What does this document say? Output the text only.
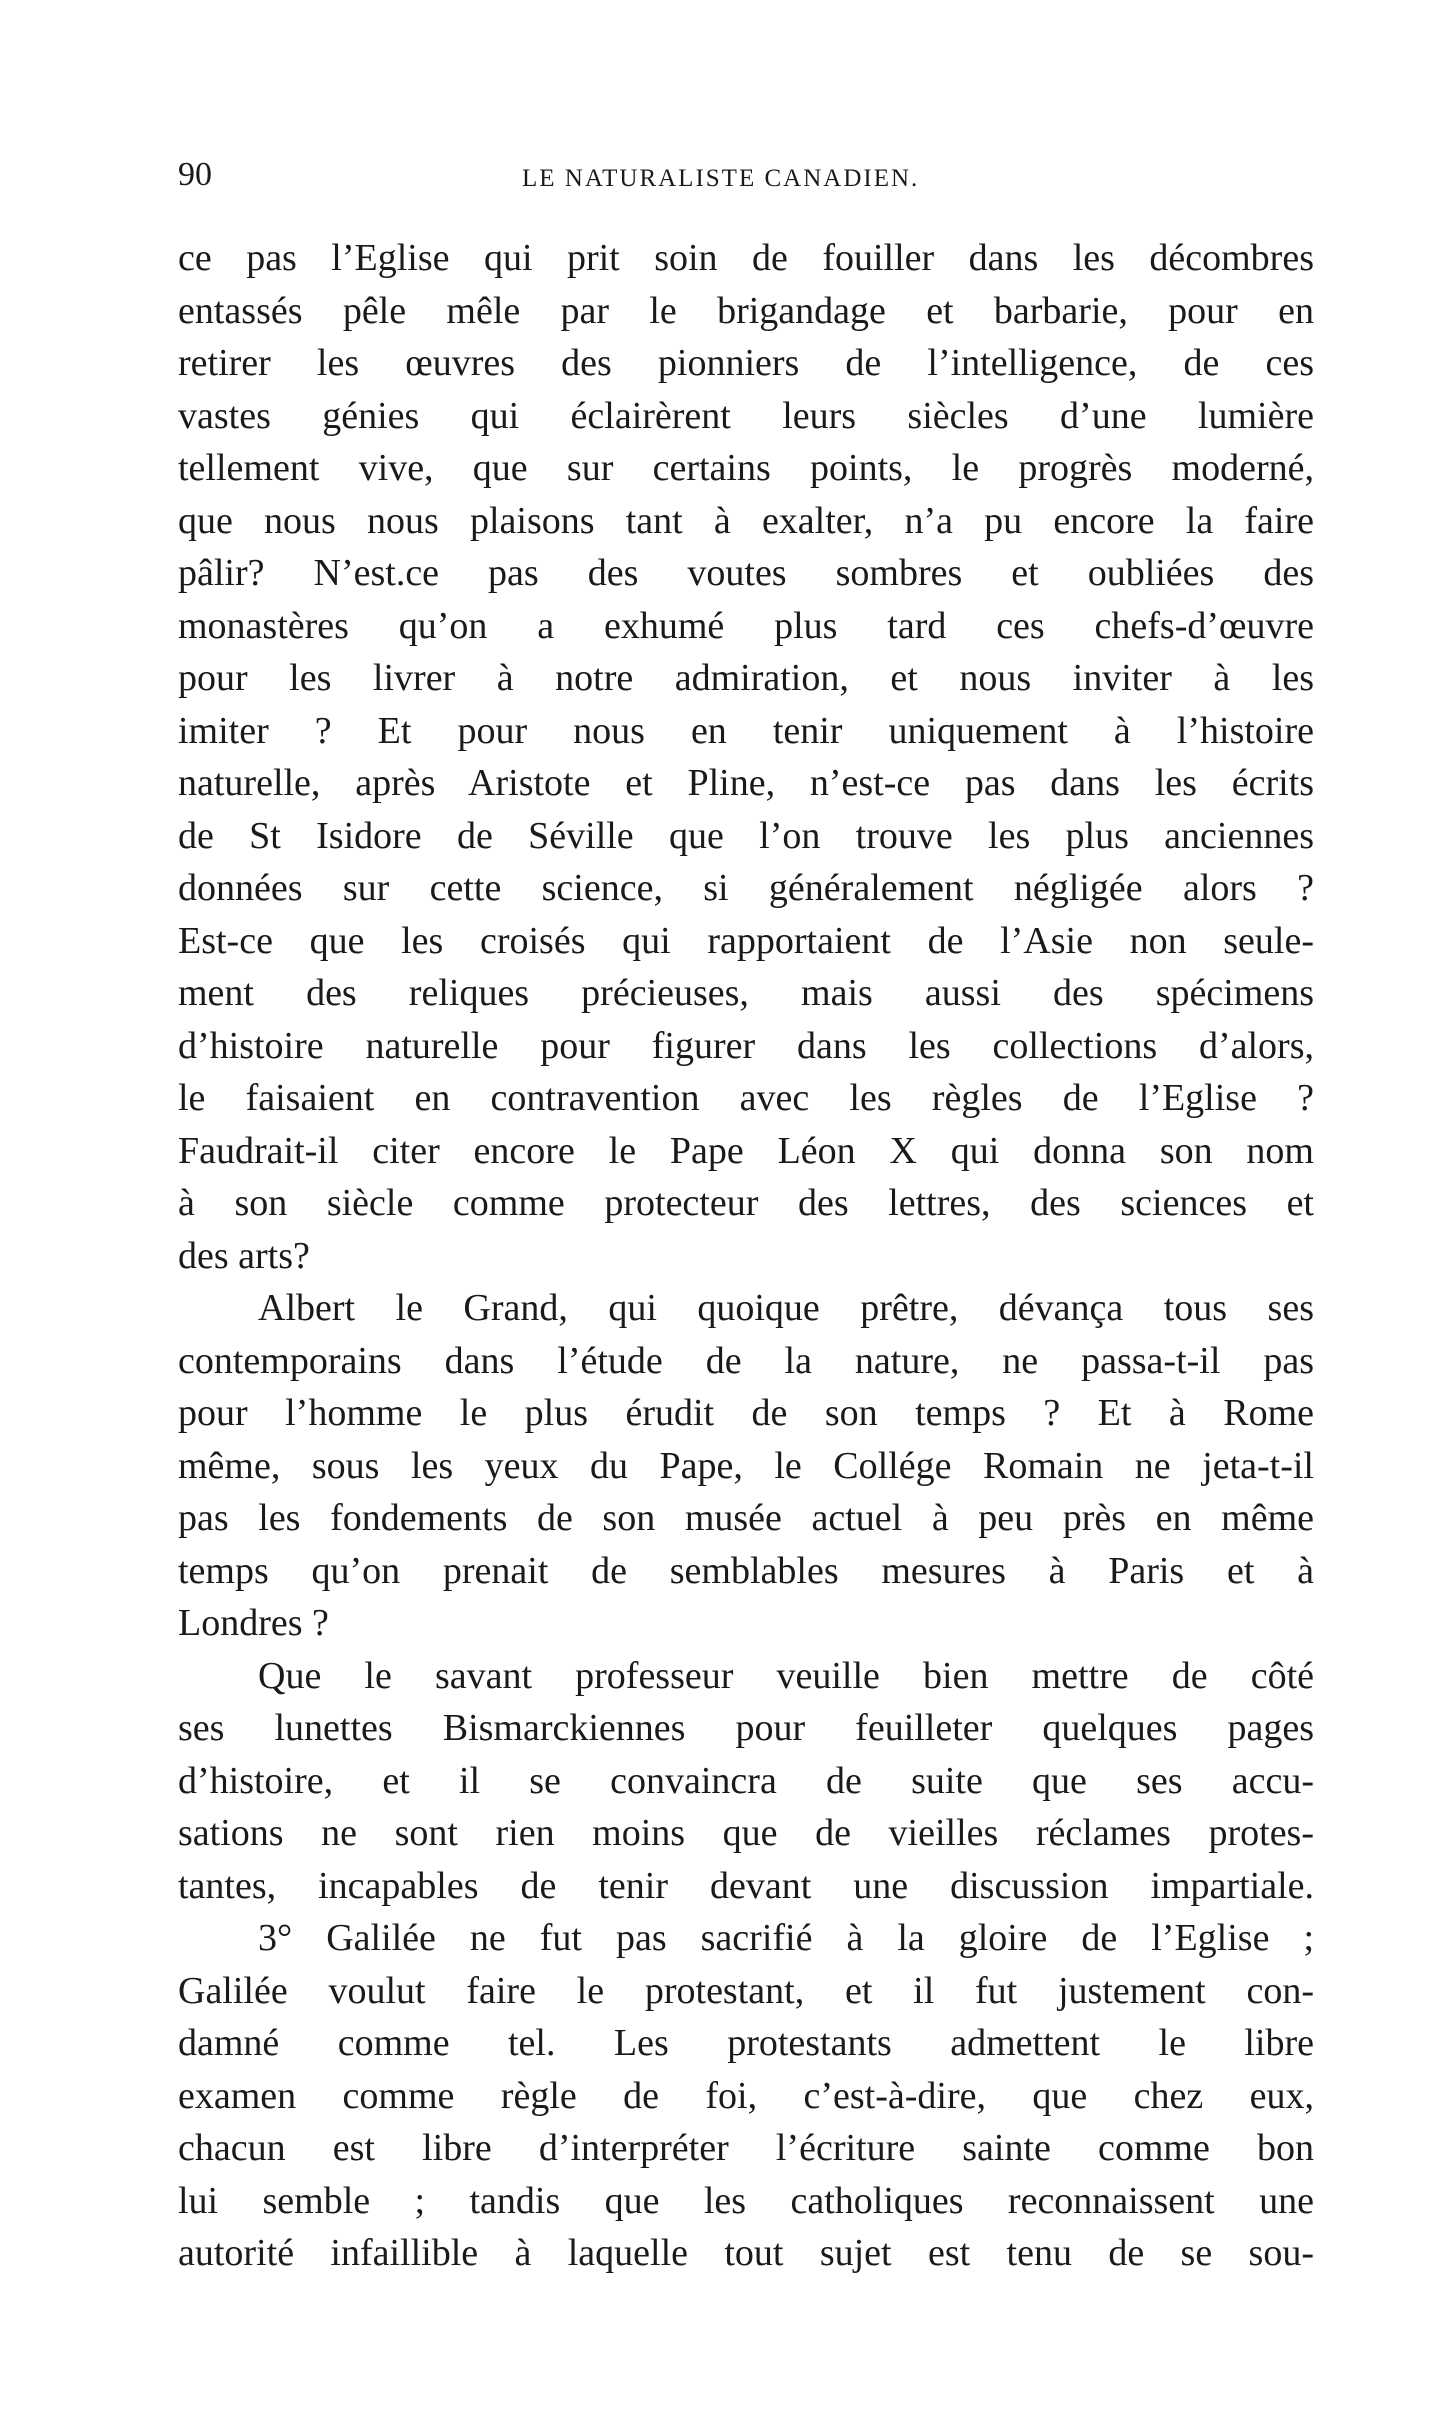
90	LE NATURALISTE CANADIEN.
ce pas l’Eglise qui prit soin de fouiller dans les décombres
entassés pêle mêle par le brigandage et barbarie, pour en
retirer les œuvres des pionniers de l’intelligence, de ces
vastes génies qui éclairèrent leurs siècles d’une lumière
tellement vive, que sur certains points, le progrès moderné,
que nous nous plaisons tant à exalter, n’a pu encore la faire
pâlir? N’est.ce pas des voutes sombres et oubliées des
monastères qu’on a exhumé plus tard ces chefs-d’œuvre
pour les livrer à notre admiration, et nous inviter à les
imiter ? Et pour nous en tenir uniquement à l’histoire
naturelle, après Aristote et Pline, n’est-ce pas dans les écrits
de St Isidore de Séville que l’on trouve les plus anciennes
données sur cette science, si généralement négligée alors ?
Est-ce que les croisés qui rapportaient de l’Asie non seule-
ment des reliques précieuses, mais aussi des spécimens
d’histoire naturelle pour figurer dans les collections d’alors,
le faisaient en contravention avec les règles de l’Eglise ?
Faudrait-il citer encore le Pape Léon X qui donna son nom
à son siècle comme protecteur des lettres, des sciences et
des arts?
Albert le Grand, qui quoique prêtre, dévança tous ses
contemporains dans l’étude de la nature, ne passa-t-il pas
pour l’homme le plus érudit de son temps ? Et à Rome
même, sous les yeux du Pape, le Collége Romain ne jeta-t-il
pas les fondements de son musée actuel à peu près en même
temps qu’on prenait de semblables mesures à Paris et à
Londres ?
Que le savant professeur veuille bien mettre de côté
ses lunettes Bismarckiennes pour feuilleter quelques pages
d’histoire, et il se convaincra de suite que ses accu-
sations ne sont rien moins que de vieilles réclames protes-
tantes, incapables de tenir devant une discussion impartiale.
3° Galilée ne fut pas sacrifié à la gloire de l’Eglise ;
Galilée voulut faire le protestant, et il fut justement con-
damné comme tel. Les protestants admettent le libre
examen comme règle de foi, c’est-à-dire, que chez eux,
chacun est libre d’interpréter l’écriture sainte comme bon
lui semble ; tandis que les catholiques reconnaissent une
autorité infaillible à laquelle tout sujet est tenu de se sou-
